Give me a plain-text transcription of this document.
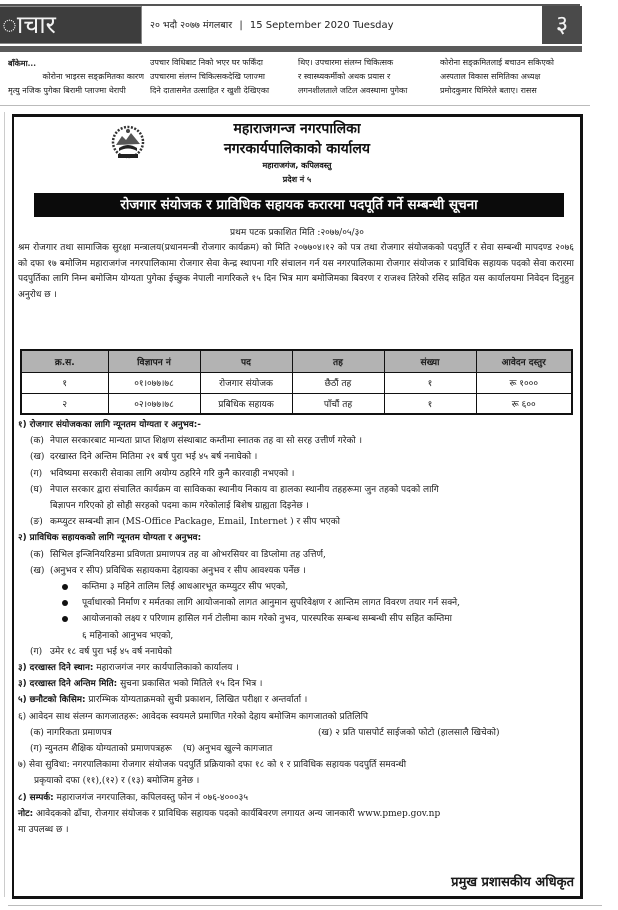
ाचार	२० भदौ २०७७ मंगलबार | 15 September 2020 Tuesday	३
बाँकेमा...
कोरोना भाइरस सङ्क्रमितका कारण
मृत्यु नजिक पुगेका बिरामी प्लाज्मा थेरापी
उपचार विधिबाट निको भएर घर फर्किँदा
उपचारमा संलग्न चिकित्सकदेखि प्लाज्मा
दिने दातासमेत उत्साहित र खुशी देखिएका
थिए। उपचारमा संलग्न चिकित्सक
र स्वास्थ्यकर्मीको अथक प्रयास र
लगनशीलताले जटिल अवस्थामा पुगेका
कोरोना सङ्क्रमितलाई बचाउन सकिएको
अस्पताल विकास समितिका अध्यक्ष
प्रमोदकुमार घिमिरेले बताए। रासस
महाराजगन्ज नगरपालिका
नगरकार्यपालिकाको कार्यालय
महाराजगंज, कपिलवस्तु
प्रदेश नं ५
रोजगार संयोजक र प्राविधिक सहायक करारमा पदपूर्ति गर्ने सम्बन्धी सूचना
प्रथम पटक प्रकाशित मिति :२०७७/०५/३०

श्रम रोजगार तथा सामाजिक सुरक्षा मन्त्रालय(प्रधानमन्त्री रोजगार कार्यक्रम) को मिति २०७७०४।१२ को पत्र तथा रोजगार संयोजकको पदपुर्ति र सेवा सम्बन्धी मापदण्ड २०७६ को दफा १७ बमोजिम महाराजगंज नगरपालिकामा रोजगार सेवा केन्द्र स्थापना गरि संचालन गर्न यस नगरपालिकामा रोजगार संयोजक र प्राविधिक सहायक पदको सेवा करारमा पदपुर्तिका लागि निम्न बमोजिम योग्यता पुगेका ईच्छुक नेपाली नागरिकले १५ दिन भित्र माग बमोजिमका बिवरण र राजश्व तिरेको रसिद सहित यस कार्यालयमा निवेदन दिनुहुन अनुरोध छ ।

क्र.स.	विज्ञापन नं	पद	तह	संख्या	आवेदन दस्तुर
१	०१।०७७।७८	रोजगार संयोजक	छैठौं तह	१	रू १०००
२	०२।०७७।७८	प्रबिधिक सहायक	पाँचौं तह	१	रू ६००
१) रोजगार संयोजकका लागि न्यूनतम योग्यता र अनुभव:-
(क) नेपाल सरकारबाट मान्यता प्राप्त शिक्षण संस्थाबाट कम्तीमा स्नातक तह वा सो सरह उत्तीर्ण गरेको ।
(ख) दरखास्त दिने अन्तिम मितिमा २१ बर्ष पुरा भई ४५ बर्ष ननाघेको ।
(ग) भविष्यमा सरकारी सेवाका लागि अयोग्य ठहरिने गरि कुनै कारवाही नभएको ।
(घ) नेपाल सरकार द्वारा संचालित कार्यक्रम वा साविकका स्थानीय निकाय वा हालका स्थानीय तहहरूमा जुन तहको पदको लागि
बिज्ञापन गरिएको हो सोही सरहको पदमा काम गरेकोलाई बिशेष ग्राह्यता दिइनेछ ।
(ङ) कम्प्युटर सम्बन्धी ज्ञान (MS-Office Package, Email, Internet ) र सीप भएको
२) प्राविधिक सहायकको लागि न्यूनतम योग्यता र अनुभव:
(क) सिभिल इन्जिनियरिङमा प्रविणता प्रमाणपत्र तह वा ओभरसियर वा डिप्लोमा तह उत्तिर्ण,
(ख) (अनुभव र सीप) प्रविधिक सहायकमा देहायका अनुभव र सीप आवश्यक पर्नेछ ।
कम्तिमा ३ महिने तालिम लिई आधआरभूत कम्प्युटर सीप भएको,
पूर्वाधारको निर्माण र मर्मतका लागि आयोजनाको लागत आनुमान सुपरिवेक्षण र आन्तिम लागत विवरण तयार गर्न सक्ने,
आयोजनाको लक्ष्य र परिणाम हासिल गर्न टोलीमा काम गरेको नुभव, पारस्परिक सम्बन्ध सम्बन्धी सीप सहित कम्तिमा
६ महिनाको आनुभव भएको,
(ग) उमेर १८ वर्ष पुरा भई ४५ वर्ष ननाघेको
३) दरखास्त दिने स्थान: महाराजगंज नगर कार्यपालिकाको कार्यालय ।
३) दरखास्त दिने अन्तिम मिति: सुचना प्रकासित भको मितिले १५ दिन भित्र ।
५) छनौटको किसिम: प्रारम्भिक योग्यताक्रमको सुची प्रकाशन, लिखित परीक्षा र अन्तर्वार्ता ।
६) आवेदन साथ संलग्न कागजातहरू: आवेदक स्वयमले प्रमाणित गरेको देहाय बमोजिम कागजातको प्रतिलिपि
(क) नागरिकता प्रमाणपत्र	(ख) २ प्रति पासपोर्ट साईजको फोटो (हालसालै खिचेको)
(ग) न्युनतम शैक्षिक योग्यताको प्रमाणपत्रहरू (घ) अनुभव खुल्ने कागजात
७) सेवा सुविधा: नगरपालिकामा रोजगार संयोजक पदपुर्ति प्रक्रियाको दफा १८ को १ र प्राविधिक सहायक पदपुर्ति समवन्धी
प्रकृयाको दफा (११),(१२) र (१३) बमोजिम हुनेछ ।
८) सम्पर्क: महाराजगंज नगरपालिका, कपिलवस्तु फोन नं ०७६-४०००३५
नोट: आवेदकको ढाँचा, रोजगार संयोजक र प्राविधिक सहायक पदको कार्यबिवरण लगायत अन्य जानकारी www.pmep.gov.np
मा उपलब्ध छ ।
प्रमुख प्रशासकीय अधिकृत
